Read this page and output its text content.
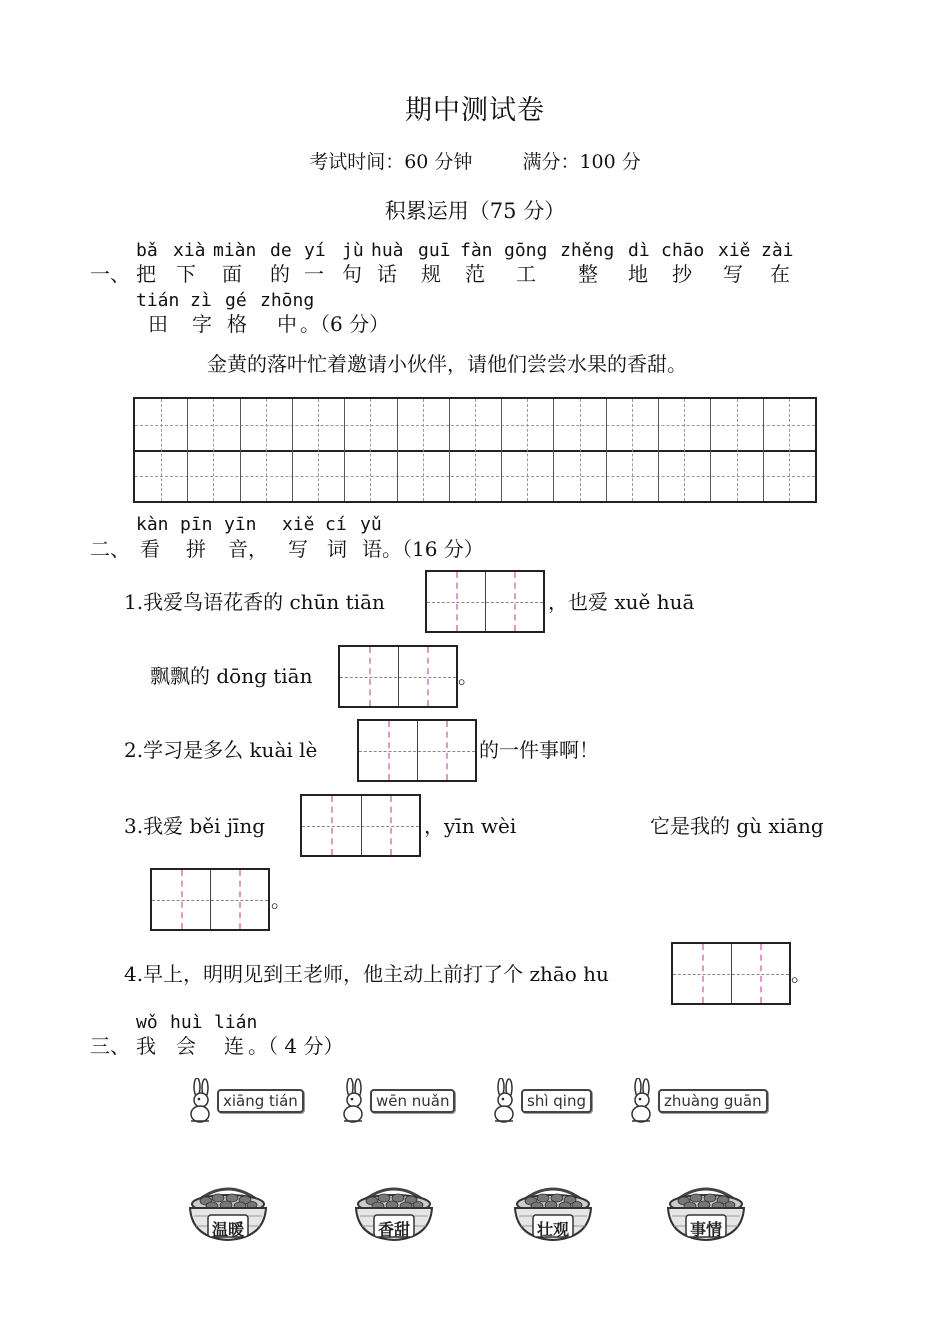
期中测试卷
考试时间：60 分钟	满分：100 分
积累运用（75 分）
bǎ xià miàn de yí jù huà guī fàn gōng zhěng dì chāo xiě zài
一、 把 下 面 的 一 句 话 规 范 工 整 地 抄 写 在
tián zì gé zhōng
田 字 格 中 。（6 分）
金黄的落叶忙着邀请小伙伴，请他们尝尝水果的香甜。
kàn pīn yīn xiě cí yǔ
二、 看 拼 音， 写 词 语。（16 分）
1.我爱鸟语花香的 chūn tiān	，也爱 xuě huā
飘飘的 dōng tiān	。
2.学习是多么 kuài lè	的一件事啊！
3.我爱 běi jīng	，yīn wèi	它是我的 gù xiāng
。
4.早上，明明见到王老师，他主动上前打了个 zhāo hu	。
wǒ huì lián
三、 我 会 连 。（ 4 分）
xiāng tián	wēn nuǎn	shì qing	zhuàng guān
温暖	香甜	壮观	事情
